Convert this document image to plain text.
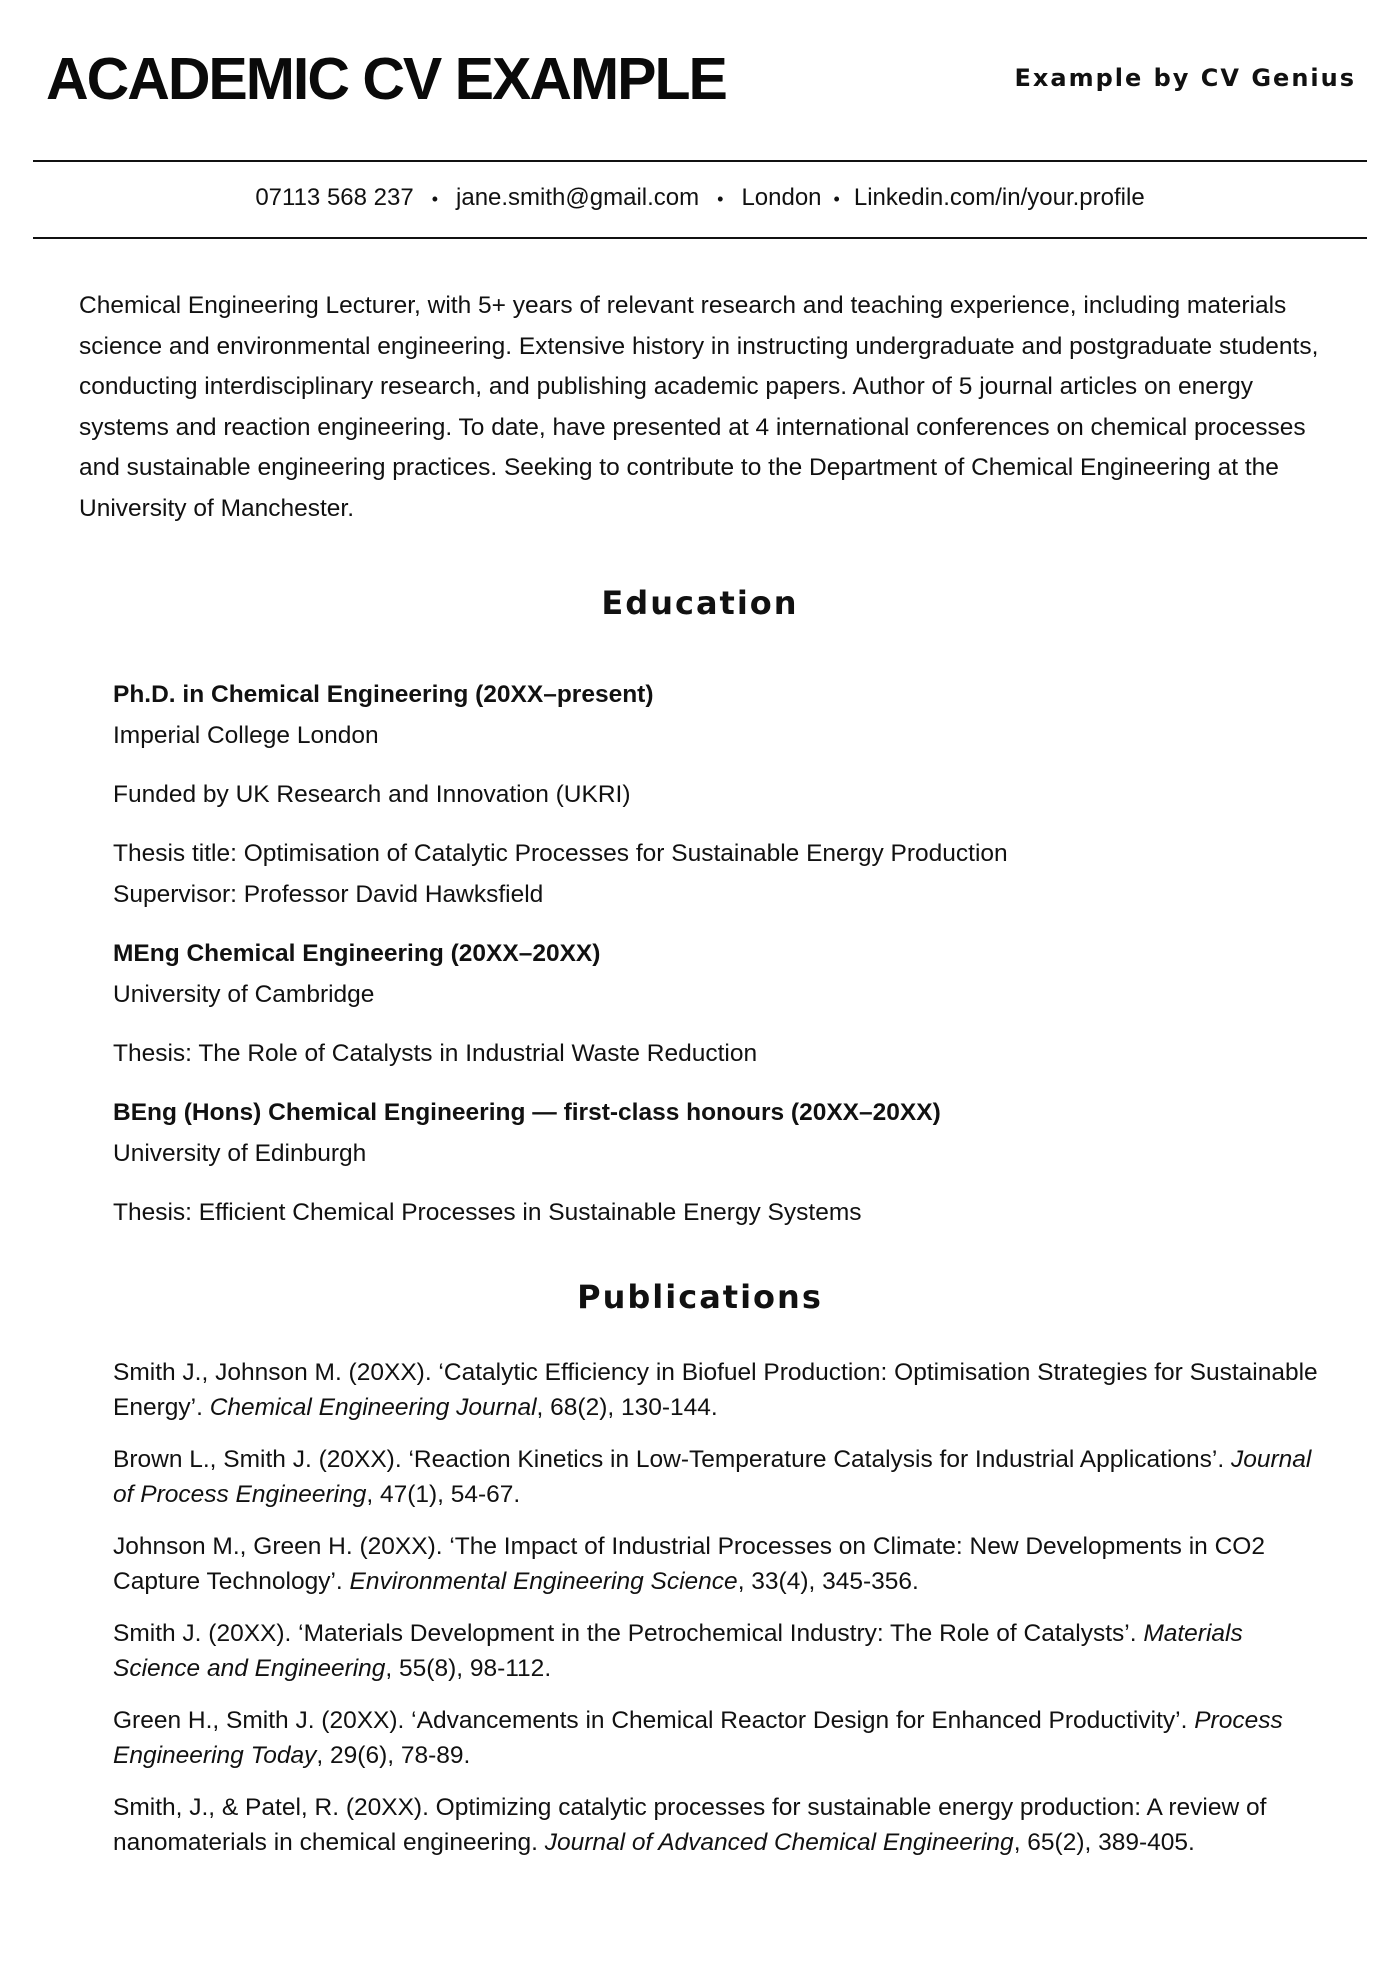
ACADEMIC CV EXAMPLE	Example by CV Genius
07113 568 237 • jane.smith@gmail.com • London • Linkedin.com/in/your.profile

Chemical Engineering Lecturer, with 5+ years of relevant research and teaching experience, including materials science and environmental engineering. Extensive history in instructing undergraduate and postgraduate students, conducting interdisciplinary research, and publishing academic papers. Author of 5 journal articles on energy systems and reaction engineering. To date, have presented at 4 international conferences on chemical processes and sustainable engineering practices. Seeking to contribute to the Department of Chemical Engineering at the University of Manchester.

Education
Ph.D. in Chemical Engineering (20XX–present)
Imperial College London
Funded by UK Research and Innovation (UKRI)
Thesis title: Optimisation of Catalytic Processes for Sustainable Energy Production
Supervisor: Professor David Hawksfield
MEng Chemical Engineering (20XX–20XX)
University of Cambridge
Thesis: The Role of Catalysts in Industrial Waste Reduction
BEng (Hons) Chemical Engineering — first-class honours (20XX–20XX)
University of Edinburgh
Thesis: Efficient Chemical Processes in Sustainable Energy Systems
Publications
Smith J., Johnson M. (20XX). ‘Catalytic Efficiency in Biofuel Production: Optimisation Strategies for Sustainable Energy’. Chemical Engineering Journal, 68(2), 130-144.
Brown L., Smith J. (20XX). ‘Reaction Kinetics in Low-Temperature Catalysis for Industrial Applications’. Journal of Process Engineering, 47(1), 54-67.
Johnson M., Green H. (20XX). ‘The Impact of Industrial Processes on Climate: New Developments in CO2 Capture Technology’. Environmental Engineering Science, 33(4), 345-356.
Smith J. (20XX). ‘Materials Development in the Petrochemical Industry: The Role of Catalysts’. Materials Science and Engineering, 55(8), 98-112.
Green H., Smith J. (20XX). ‘Advancements in Chemical Reactor Design for Enhanced Productivity’. Process Engineering Today, 29(6), 78-89.
Smith, J., & Patel, R. (20XX). Optimizing catalytic processes for sustainable energy production: A review of nanomaterials in chemical engineering. Journal of Advanced Chemical Engineering, 65(2), 389-405.
